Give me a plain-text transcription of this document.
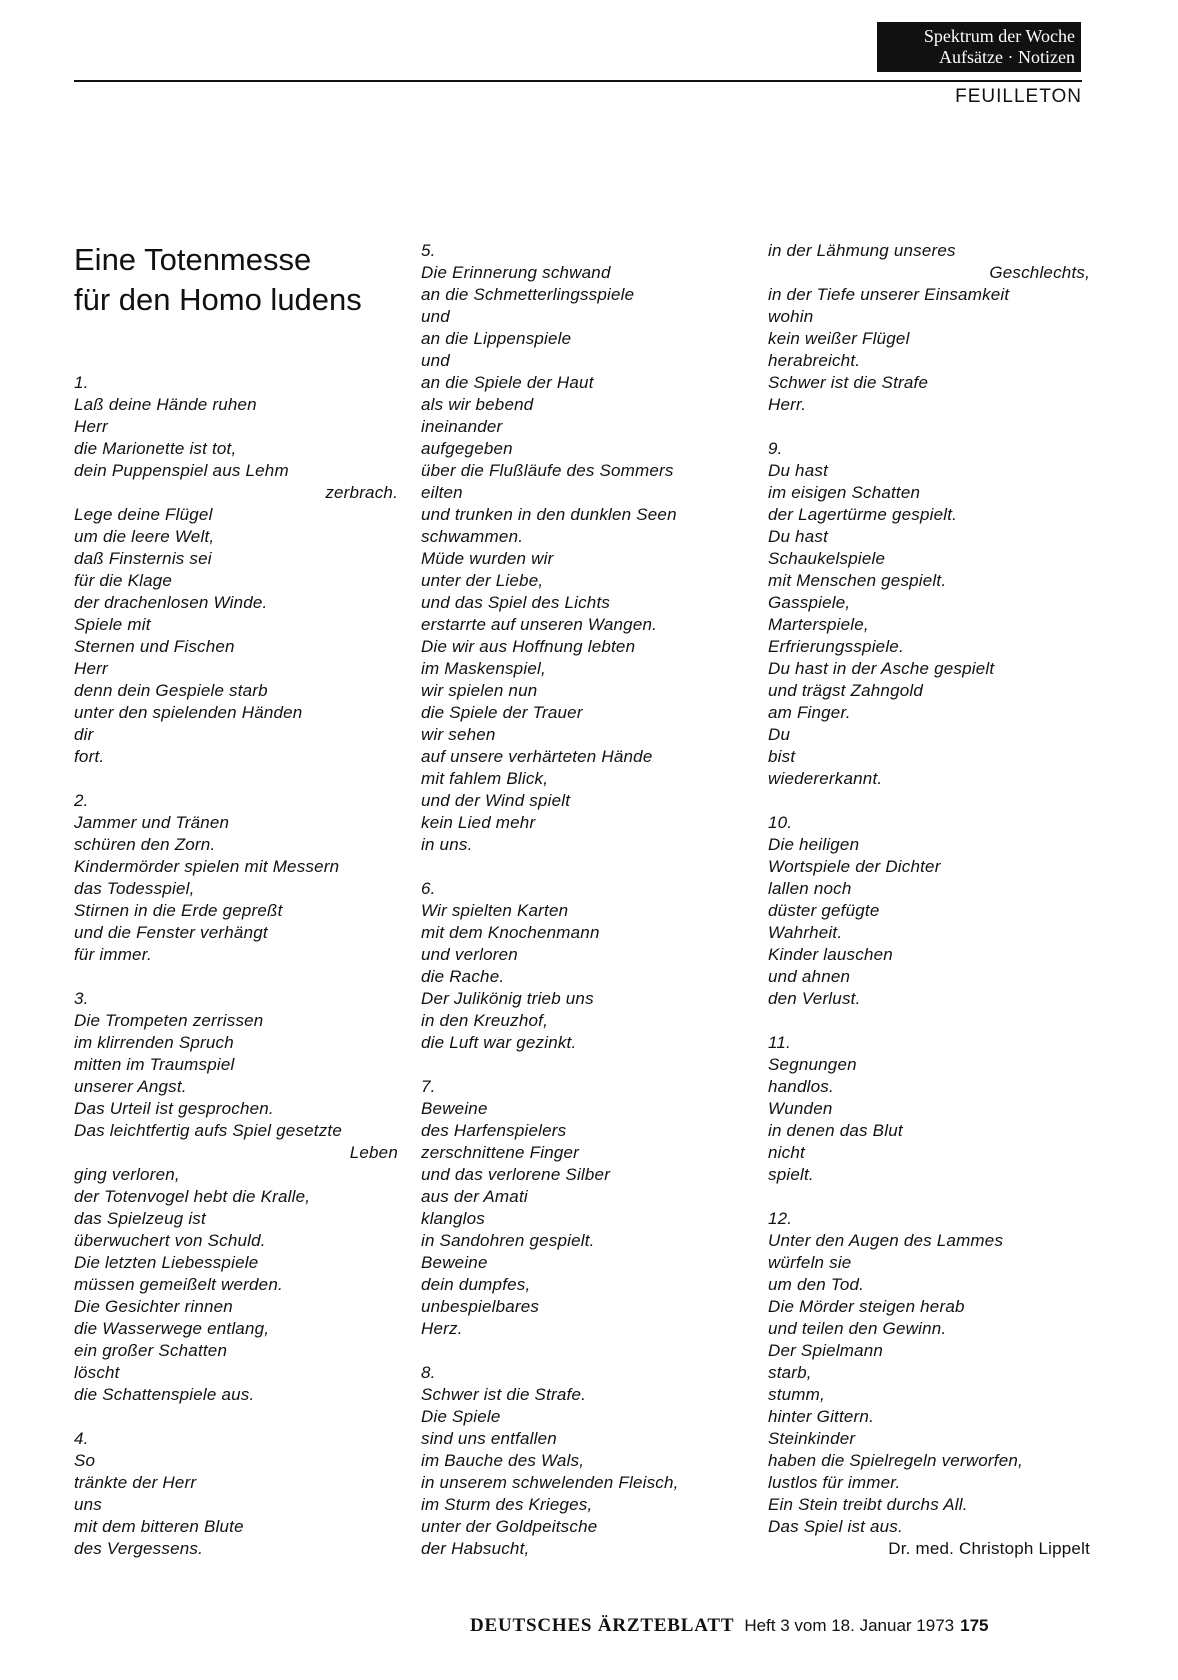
Spektrum der Woche
Aufsätze · Notizen
FEUILLETON
Eine Totenmesse
für den Homo ludens
1.
Laß deine Hände ruhen
Herr
die Marionette ist tot,
dein Puppenspiel aus Lehm
zerbrach.
Lege deine Flügel
um die leere Welt,
daß Finsternis sei
für die Klage
der drachenlosen Winde.
Spiele mit
Sternen und Fischen
Herr
denn dein Gespiele starb
unter den spielenden Händen
dir
fort.
2.
Jammer und Tränen
schüren den Zorn.
Kindermörder spielen mit Messern
das Todesspiel,
Stirnen in die Erde gepreßt
und die Fenster verhängt
für immer.
3.
Die Trompeten zerrissen
im klirrenden Spruch
mitten im Traumspiel
unserer Angst.
Das Urteil ist gesprochen.
Das leichtfertig aufs Spiel gesetzte
Leben
ging verloren,
der Totenvogel hebt die Kralle,
das Spielzeug ist
überwuchert von Schuld.
Die letzten Liebesspiele
müssen gemeißelt werden.
Die Gesichter rinnen
die Wasserwege entlang,
ein großer Schatten
löscht
die Schattenspiele aus.
4.
So
tränkte der Herr
uns
mit dem bitteren Blute
des Vergessens.
5.
Die Erinnerung schwand
an die Schmetterlingsspiele
und
an die Lippenspiele
und
an die Spiele der Haut
als wir bebend
ineinander
aufgegeben
über die Flußläufe des Sommers
eilten
und trunken in den dunklen Seen
schwammen.
Müde wurden wir
unter der Liebe,
und das Spiel des Lichts
erstarrte auf unseren Wangen.
Die wir aus Hoffnung lebten
im Maskenspiel,
wir spielen nun
die Spiele der Trauer
wir sehen
auf unsere verhärteten Hände
mit fahlem Blick,
und der Wind spielt
kein Lied mehr
in uns.
6.
Wir spielten Karten
mit dem Knochenmann
und verloren
die Rache.
Der Julikönig trieb uns
in den Kreuzhof,
die Luft war gezinkt.
7.
Beweine
des Harfenspielers
zerschnittene Finger
und das verlorene Silber
aus der Amati
klanglos
in Sandohren gespielt.
Beweine
dein dumpfes,
unbespielbares
Herz.
8.
Schwer ist die Strafe.
Die Spiele
sind uns entfallen
im Bauche des Wals,
in unserem schwelenden Fleisch,
im Sturm des Krieges,
unter der Goldpeitsche
der Habsucht,
in der Lähmung unseres
Geschlechts,
in der Tiefe unserer Einsamkeit
wohin
kein weißer Flügel
herabreicht.
Schwer ist die Strafe
Herr.
9.
Du hast
im eisigen Schatten
der Lagertürme gespielt.
Du hast
Schaukelspiele
mit Menschen gespielt.
Gasspiele,
Marterspiele,
Erfrierungsspiele.
Du hast in der Asche gespielt
und trägst Zahngold
am Finger.
Du
bist
wiedererkannt.
10.
Die heiligen
Wortspiele der Dichter
lallen noch
düster gefügte
Wahrheit.
Kinder lauschen
und ahnen
den Verlust.
11.
Segnungen
handlos.
Wunden
in denen das Blut
nicht
spielt.
12.
Unter den Augen des Lammes
würfeln sie
um den Tod.
Die Mörder steigen herab
und teilen den Gewinn.
Der Spielmann
starb,
stumm,
hinter Gittern.
Steinkinder
haben die Spielregeln verworfen,
lustlos für immer.
Ein Stein treibt durchs All.
Das Spiel ist aus.
Dr. med. Christoph Lippelt
DEUTSCHES ÄRZTEBLATT Heft 3 vom 18. Januar 1973 175
